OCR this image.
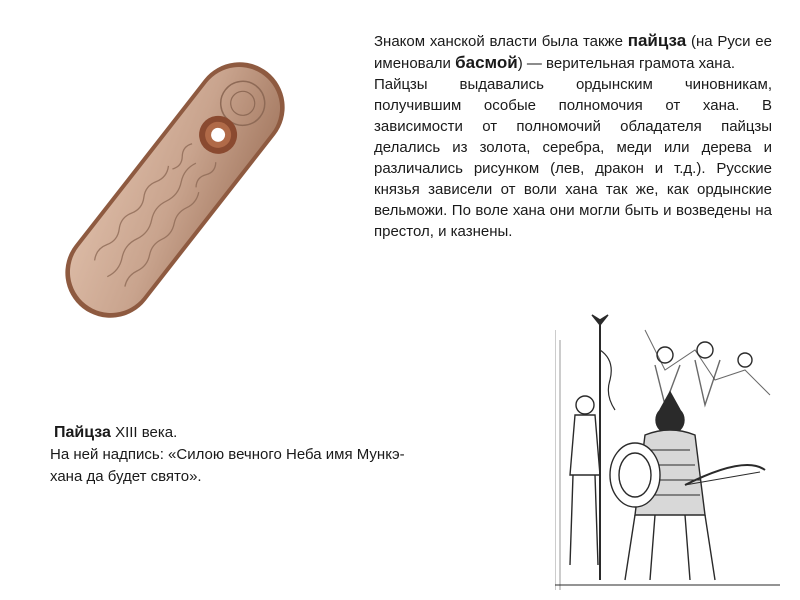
Знаком ханской власти была также пайцза (на Руси ее именовали басмой) — верительная грамота хана.

Пайцзы выдавались ордынским чиновникам, получившим особые полномочия от хана. В зависимости от полномочий обладателя пайцзы делались из золота, серебра, меди или дерева и различались рисунком (лев, дракон и т.д.). Русские князья зависели от воли хана так же, как ордынские вельможи. По воле хана они могли быть и возведены на престол, и казнены.

Пайцза XIII века.
На ней надпись: «Силою вечного Неба имя Мункэ-хана да будет свято».
